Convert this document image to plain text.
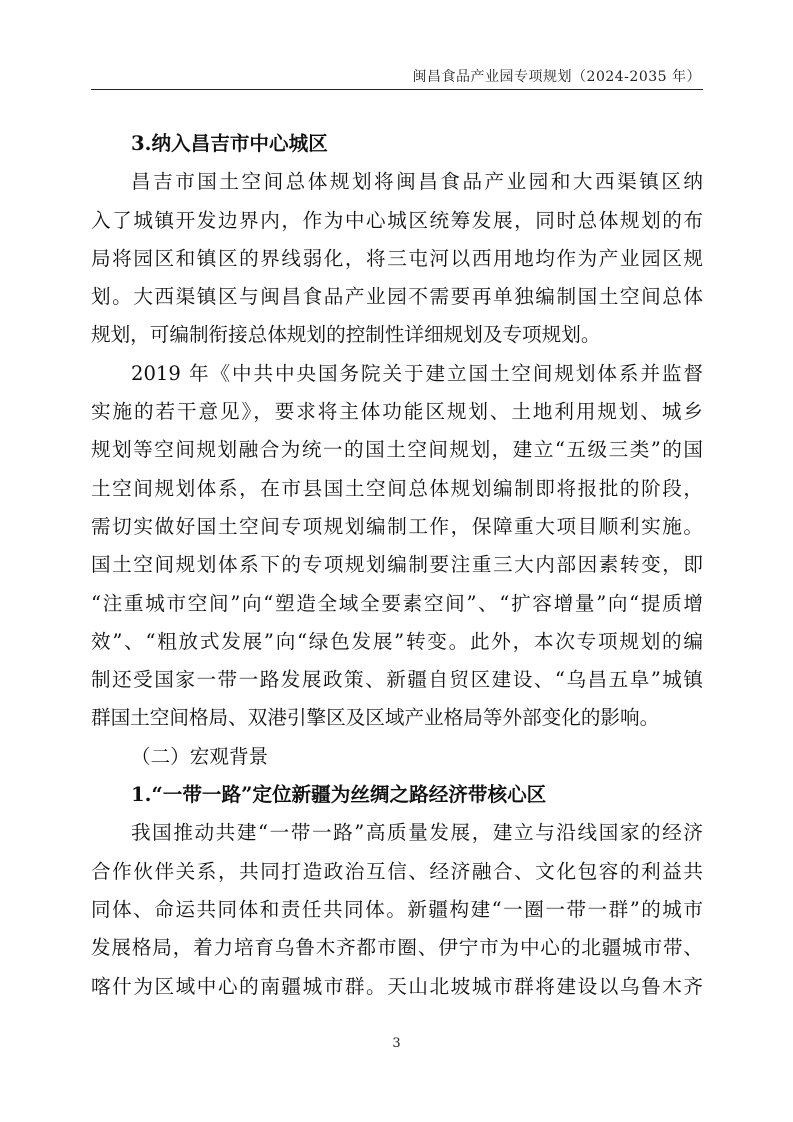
闽昌食品产业园专项规划（2024-2035 年）
3.纳入昌吉市中心城区
昌吉市国土空间总体规划将闽昌食品产业园和大西渠镇区纳
入了城镇开发边界内，作为中心城区统筹发展，同时总体规划的布
局将园区和镇区的界线弱化，将三屯河以西用地均作为产业园区规
划。大西渠镇区与闽昌食品产业园不需要再单独编制国土空间总体
规划，可编制衔接总体规划的控制性详细规划及专项规划。
2019 年《中共中央国务院关于建立国土空间规划体系并监督
实施的若干意见》，要求将主体功能区规划、土地利用规划、城乡
规划等空间规划融合为统一的国土空间规划，建立“五级三类”的国
土空间规划体系，在市县国土空间总体规划编制即将报批的阶段，
需切实做好国土空间专项规划编制工作，保障重大项目顺利实施。
国土空间规划体系下的专项规划编制要注重三大内部因素转变，即
“注重城市空间”向“塑造全域全要素空间”、“扩容增量”向“提质增
效”、“粗放式发展”向“绿色发展”转变。此外，本次专项规划的编
制还受国家一带一路发展政策、新疆自贸区建设、“乌昌五阜”城镇
群国土空间格局、双港引擎区及区域产业格局等外部变化的影响。
（二）宏观背景
1.“一带一路”定位新疆为丝绸之路经济带核心区
我国推动共建“一带一路”高质量发展，建立与沿线国家的经济
合作伙伴关系，共同打造政治互信、经济融合、文化包容的利益共
同体、命运共同体和责任共同体。新疆构建“一圈一带一群”的城市
发展格局，着力培育乌鲁木齐都市圈、伊宁市为中心的北疆城市带、
喀什为区域中心的南疆城市群。天山北坡城市群将建设以乌鲁木齐
3
